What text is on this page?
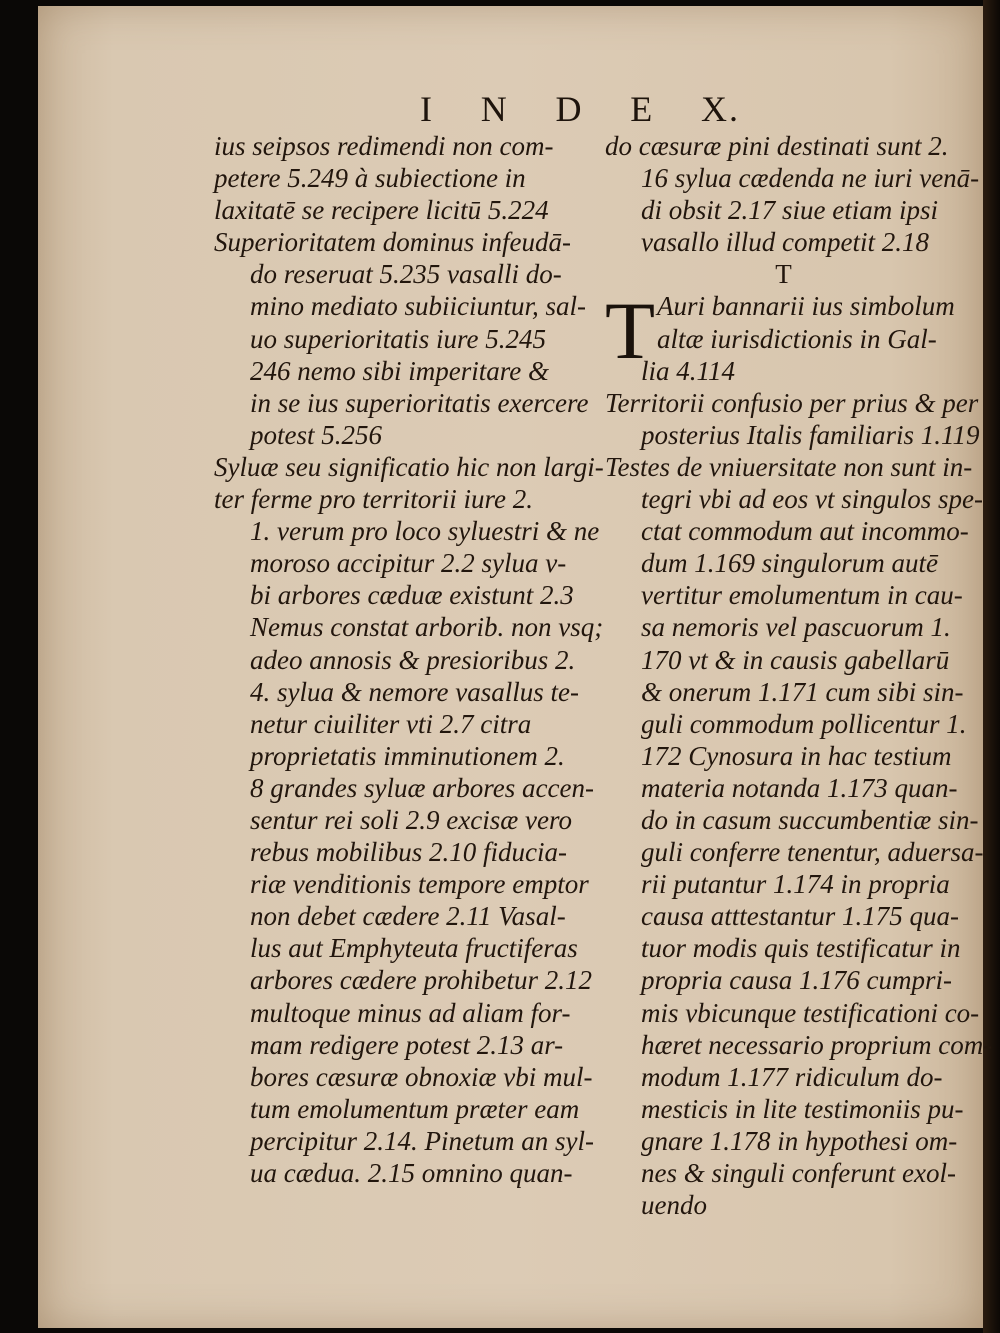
I N D E X.
ius seipsos redimendi non com-
petere 5.249 à subiectione in
laxitatē se recipere licitū 5.224
Superioritatem dominus infeudā-
do reseruat 5.235 vasalli do-
mino mediato subiiciuntur, sal-
uo superioritatis iure 5.245
246 nemo sibi imperitare &
in se ius superioritatis exercere
potest 5.256
Syluæ seu significatio hic non largi-
ter ferme pro territorii iure 2.
1. verum pro loco syluestri & ne
moroso accipitur 2.2 sylua v-
bi arbores cæduæ existunt 2.3
Nemus constat arborib. non vsq;
adeo annosis & presioribus 2.
4. sylua & nemore vasallus te-
netur ciuiliter vti 2.7 citra
proprietatis imminutionem 2.
8 grandes syluæ arbores accen-
sentur rei soli 2.9 excisæ vero
rebus mobilibus 2.10 fiducia-
riæ venditionis tempore emptor
non debet cædere 2.11 Vasal-
lus aut Emphyteuta fructiferas
arbores cædere prohibetur 2.12
multoque minus ad aliam for-
mam redigere potest 2.13 ar-
bores cæsuræ obnoxiæ vbi mul-
tum emolumentum præter eam
percipitur 2.14. Pinetum an syl-
ua cædua. 2.15 omnino quan-
do cæsuræ pini destinati sunt 2.
16 sylua cædenda ne iuri venā-
di obsit 2.17 siue etiam ipsi
vasallo illud competit 2.18
T
T Auri bannarii ius simbolum
altæ iurisdictionis in Gal-
lia 4.114
Territorii confusio per prius & per
posterius Italis familiaris 1.119
Testes de vniuersitate non sunt in-
tegri vbi ad eos vt singulos spe-
ctat commodum aut incommo-
dum 1.169 singulorum autē
vertitur emolumentum in cau-
sa nemoris vel pascuorum 1.
170 vt & in causis gabellarū
& onerum 1.171 cum sibi sin-
guli commodum pollicentur 1.
172 Cynosura in hac testium
materia notanda 1.173 quan-
do in casum succumbentiæ sin-
guli conferre tenentur, aduersa-
rii putantur 1.174 in propria
causa atttestantur 1.175 qua-
tuor modis quis testificatur in
propria causa 1.176 cumpri-
mis vbicunque testificationi co-
hæret necessario proprium com-
modum 1.177 ridiculum do-
mesticis in lite testimoniis pu-
gnare 1.178 in hypothesi om-
nes & singuli conferunt exol-
uendo
